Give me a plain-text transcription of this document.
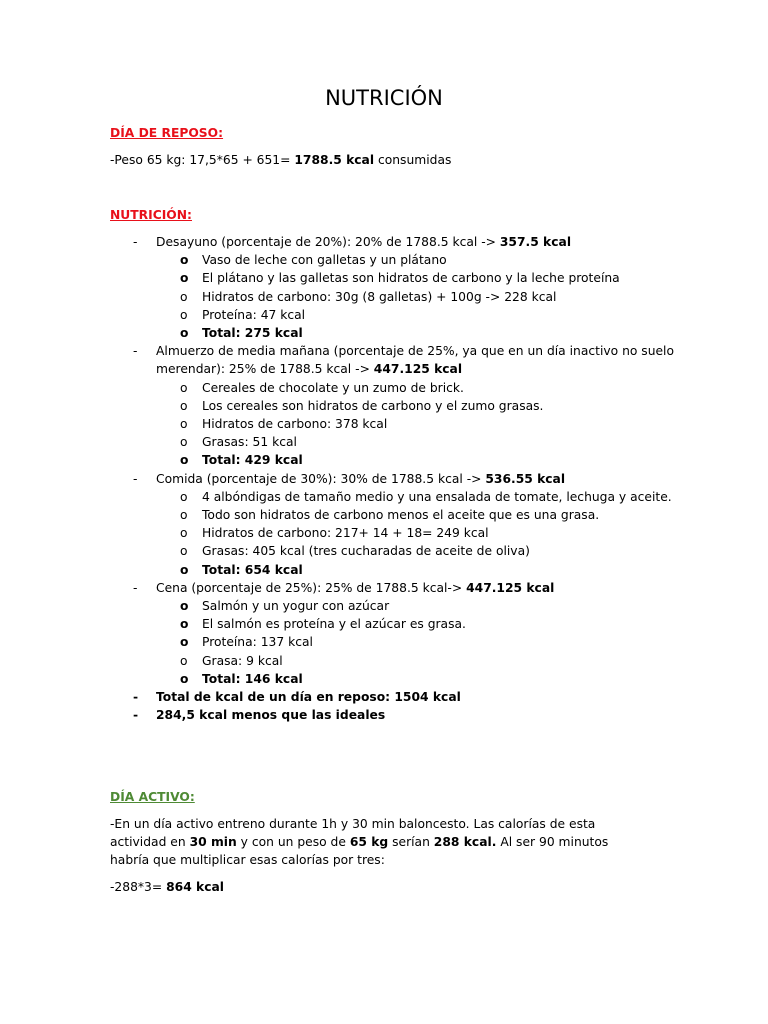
NUTRICIÓN
DÍA DE REPOSO:
-Peso 65 kg: 17,5*65 + 651= 1788.5 kcal consumidas
NUTRICIÓN:
- Desayuno (porcentaje de 20%): 20% de 1788.5 kcal -> 357.5 kcal
o Vaso de leche con galletas y un plátano
o El plátano y las galletas son hidratos de carbono y la leche proteína
o Hidratos de carbono: 30g (8 galletas) + 100g -> 228 kcal
o Proteína: 47 kcal
o Total: 275 kcal
- Almuerzo de media mañana (porcentaje de 25%, ya que en un día inactivo no suelo
merendar): 25% de 1788.5 kcal -> 447.125 kcal
o Cereales de chocolate y un zumo de brick.
o Los cereales son hidratos de carbono y el zumo grasas.
o Hidratos de carbono: 378 kcal
o Grasas: 51 kcal
o Total: 429 kcal
- Comida (porcentaje de 30%): 30% de 1788.5 kcal -> 536.55 kcal
o 4 albóndigas de tamaño medio y una ensalada de tomate, lechuga y aceite.
o Todo son hidratos de carbono menos el aceite que es una grasa.
o Hidratos de carbono: 217+ 14 + 18= 249 kcal
o Grasas: 405 kcal (tres cucharadas de aceite de oliva)
o Total: 654 kcal
- Cena (porcentaje de 25%): 25% de 1788.5 kcal-> 447.125 kcal
o Salmón y un yogur con azúcar
o El salmón es proteína y el azúcar es grasa.
o Proteína: 137 kcal
o Grasa: 9 kcal
o Total: 146 kcal
- Total de kcal de un día en reposo: 1504 kcal
- 284,5 kcal menos que las ideales
DÍA ACTIVO:
-En un día activo entreno durante 1h y 30 min baloncesto. Las calorías de esta actividad en 30 min y con un peso de 65 kg serían 288 kcal. Al ser 90 minutos habría que multiplicar esas calorías por tres:
-288*3= 864 kcal
